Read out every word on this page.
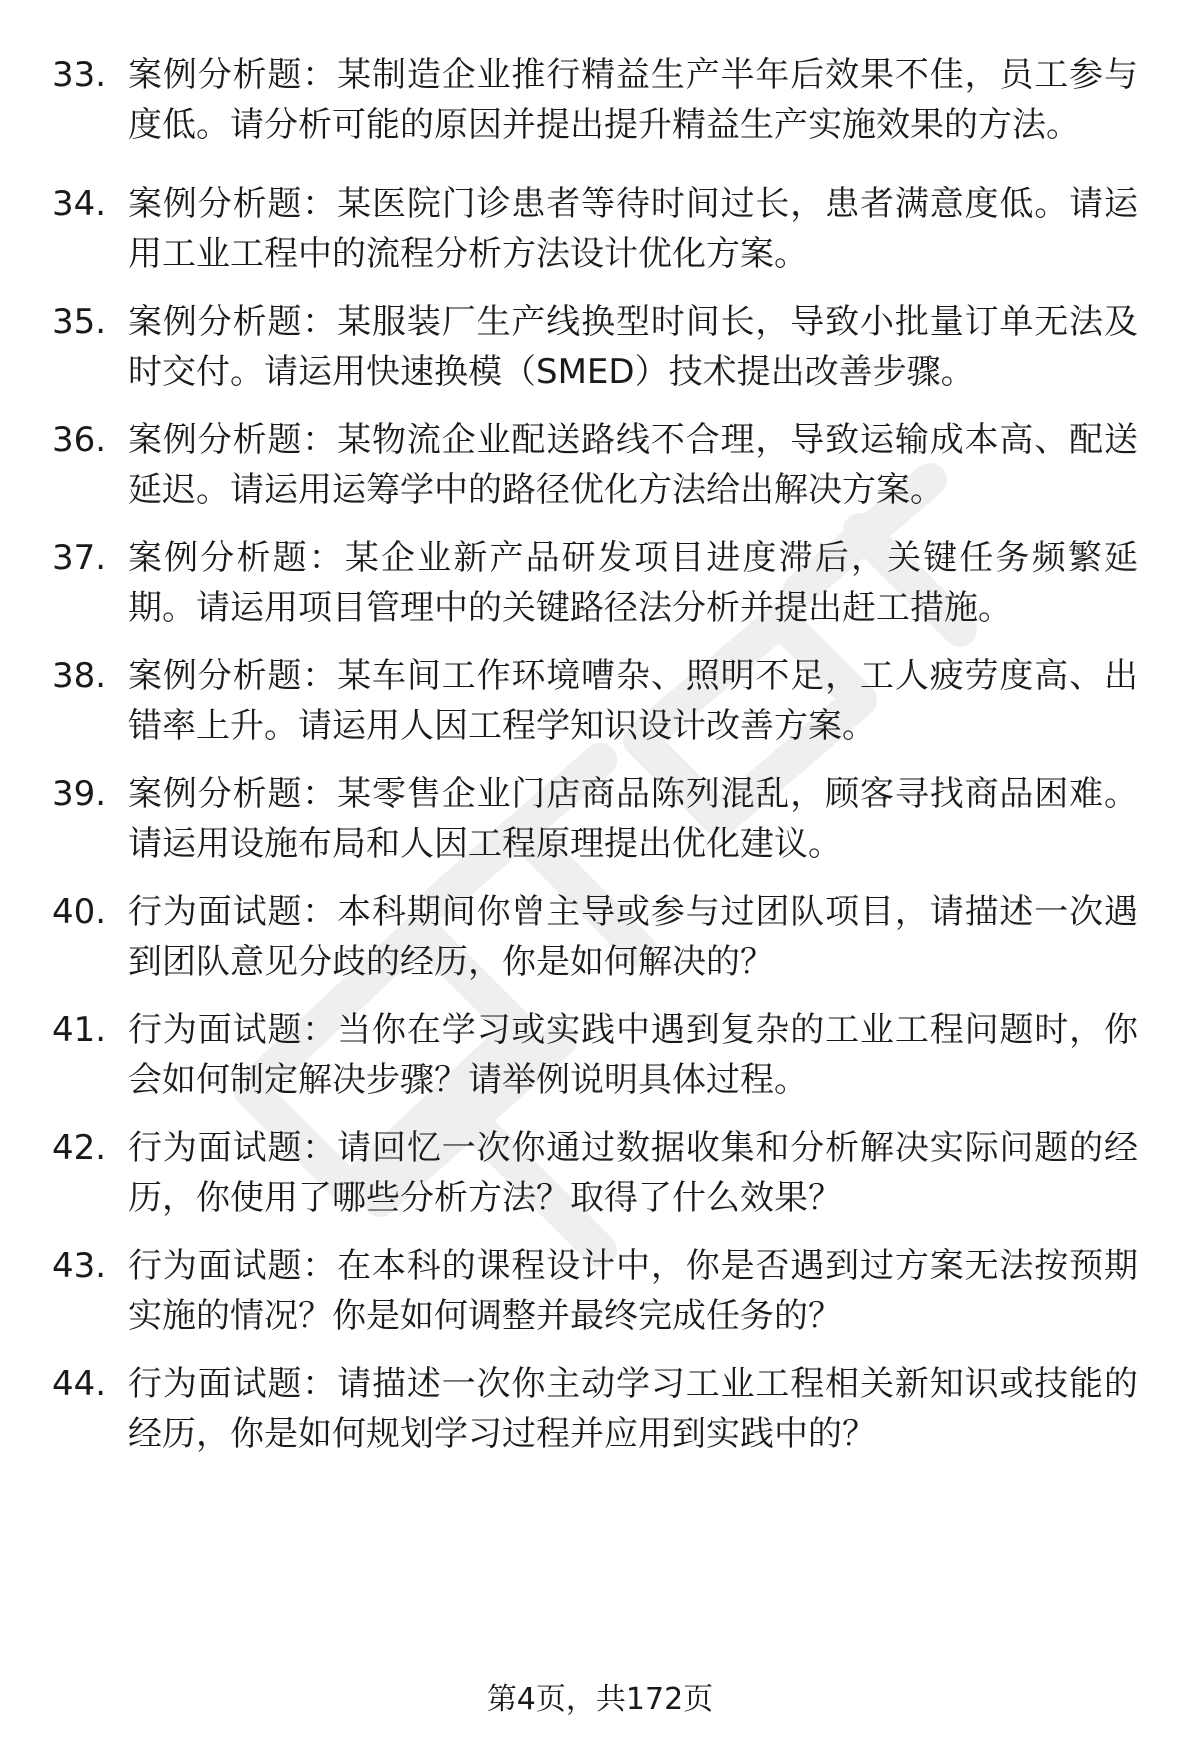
33. 案例分析题：某制造企业推行精益生产半年后效果不佳，员工参与度低。请分析可能的原因并提出提升精益生产实施效果的方法。
34. 案例分析题：某医院门诊患者等待时间过长，患者满意度低。请运用工业工程中的流程分析方法设计优化方案。
35. 案例分析题：某服装厂生产线换型时间长，导致小批量订单无法及时交付。请运用快速换模（SMED）技术提出改善步骤。
36. 案例分析题：某物流企业配送路线不合理，导致运输成本高、配送延迟。请运用运筹学中的路径优化方法给出解决方案。
37. 案例分析题：某企业新产品研发项目进度滞后，关键任务频繁延期。请运用项目管理中的关键路径法分析并提出赶工措施。
38. 案例分析题：某车间工作环境嘈杂、照明不足，工人疲劳度高、出错率上升。请运用人因工程学知识设计改善方案。
39. 案例分析题：某零售企业门店商品陈列混乱，顾客寻找商品困难。请运用设施布局和人因工程原理提出优化建议。
40. 行为面试题：本科期间你曾主导或参与过团队项目，请描述一次遇到团队意见分歧的经历，你是如何解决的？
41. 行为面试题：当你在学习或实践中遇到复杂的工业工程问题时，你会如何制定解决步骤？请举例说明具体过程。
42. 行为面试题：请回忆一次你通过数据收集和分析解决实际问题的经历，你使用了哪些分析方法？取得了什么效果？
43. 行为面试题：在本科的课程设计中，你是否遇到过方案无法按预期实施的情况？你是如何调整并最终完成任务的？
44. 行为面试题：请描述一次你主动学习工业工程相关新知识或技能的经历，你是如何规划学习过程并应用到实践中的？
第4页，共172页
